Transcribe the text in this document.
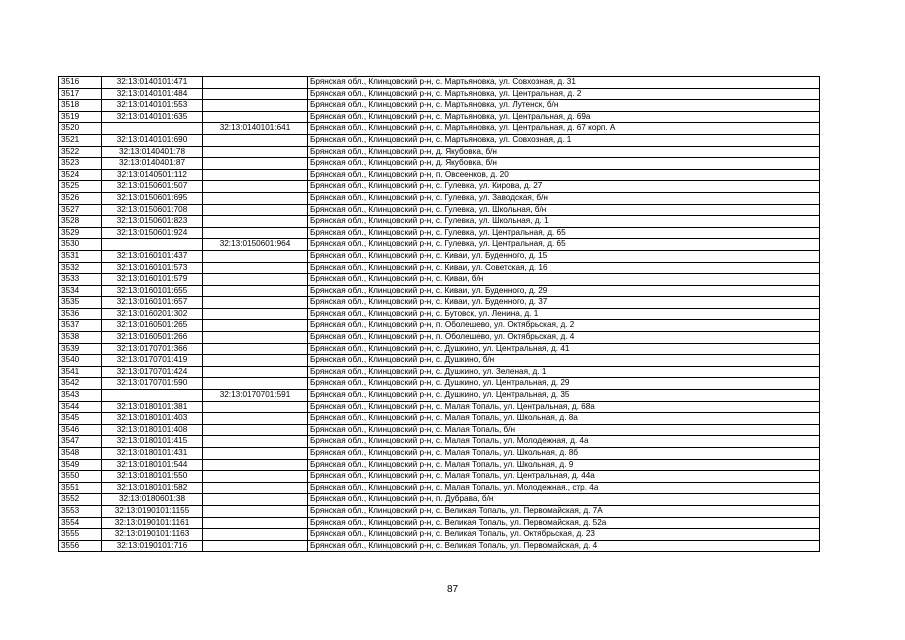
3516	32:13:0140101:471		Брянская обл., Клинцовский р-н, с. Мартьяновка, ул. Совхозная, д. 31
3517	32:13:0140101:484		Брянская обл., Клинцовский р-н, с. Мартьяновка, ул. Центральная, д. 2
3518	32:13:0140101:553		Брянская обл., Клинцовский р-н, с. Мартьяновка, ул. Лутенск, б/н
3519	32:13:0140101:635		Брянская обл., Клинцовский р-н, с. Мартьяновка, ул. Центральная, д. 69а
3520		32:13:0140101:641	Брянская обл., Клинцовский р-н, с. Мартьяновка, ул. Центральная, д. 67 корп. А
3521	32:13:0140101:690		Брянская обл., Клинцовский р-н, с. Мартьяновка, ул. Совхозная, д. 1
3522	32:13:0140401:78		Брянская обл., Клинцовский р-н, д. Якубовка, б/н
3523	32:13:0140401:87		Брянская обл., Клинцовский р-н, д. Якубовка, б/н
3524	32:13:0140501:112		Брянская обл., Клинцовский р-н, п. Овсеенков, д. 20
3525	32:13:0150601:507		Брянская обл., Клинцовский р-н, с. Гулевка, ул. Кирова, д. 27
3526	32:13:0150601:695		Брянская обл., Клинцовский р-н, с. Гулевка, ул. Заводская, б/н
3527	32:13:0150601:708		Брянская обл., Клинцовский р-н, с. Гулевка, ул. Школьная, б/н
3528	32:13:0150601:823		Брянская обл., Клинцовский р-н, с. Гулевка, ул. Школьная, д. 1
3529	32:13:0150601:924		Брянская обл., Клинцовский р-н, с. Гулевка, ул. Центральная, д. 65
3530		32:13:0150601:964	Брянская обл., Клинцовский р-н, с. Гулевка, ул. Центральная, д. 65
3531	32:13:0160101:437		Брянская обл., Клинцовский р-н, с. Киваи, ул. Буденного, д. 15
3532	32:13:0160101:573		Брянская обл., Клинцовский р-н, с. Киваи, ул. Советская, д. 16
3533	32:13:0160101:579		Брянская обл., Клинцовский р-н, с. Киваи, б/н
3534	32:13:0160101:655		Брянская обл., Клинцовский р-н, с. Киваи, ул. Буденного, д. 29
3535	32:13:0160101:657		Брянская обл., Клинцовский р-н, с. Киваи, ул. Буденного, д. 37
3536	32:13:0160201:302		Брянская обл., Клинцовский р-н, с. Бутовск, ул. Ленина, д. 1
3537	32:13:0160501:265		Брянская обл., Клинцовский р-н, п. Оболешево, ул. Октябрьская, д. 2
3538	32:13:0160501:266		Брянская обл., Клинцовский р-н, п. Оболешево, ул. Октябрьская, д. 4
3539	32:13:0170701:366		Брянская обл., Клинцовский р-н, с. Душкино, ул. Центральная, д. 41
3540	32:13:0170701:419		Брянская обл., Клинцовский р-н, с. Душкино, б/н
3541	32:13:0170701:424		Брянская обл., Клинцовский р-н, с. Душкино, ул. Зеленая, д. 1
3542	32:13:0170701:590		Брянская обл., Клинцовский р-н, с. Душкино, ул. Центральная, д. 29
3543		32:13:0170701:591	Брянская обл., Клинцовский р-н, с. Душкино, ул. Центральная, д. 35
3544	32:13:0180101:381		Брянская обл., Клинцовский р-н, с. Малая Топаль, ул. Центральная, д. 68а
3545	32:13:0180101:403		Брянская обл., Клинцовский р-н, с. Малая Топаль, ул. Школьная, д. 8а
3546	32:13:0180101:408		Брянская обл., Клинцовский р-н, с. Малая Топаль, б/н
3547	32:13:0180101:415		Брянская обл., Клинцовский р-н, с. Малая Топаль, ул. Молодежная, д. 4а
3548	32:13:0180101:431		Брянская обл., Клинцовский р-н, с. Малая Топаль, ул. Школьная, д. 8б
3549	32:13:0180101:544		Брянская обл., Клинцовский р-н, с. Малая Топаль, ул. Школьная, д. 9
3550	32:13:0180101:550		Брянская обл., Клинцовский р-н, с. Малая Топаль, ул. Центральная, д. 44а
3551	32:13:0180101:582		Брянская обл., Клинцовский р-н, с. Малая Топаль, ул. Молодежная., стр. 4а
3552	32:13:0180601:38		Брянская обл., Клинцовский р-н, п. Дубрава, б/н
3553	32:13:0190101:1155		Брянская обл., Клинцовский р-н, с. Великая Топаль, ул. Первомайская, д. 7А
3554	32:13:0190101:1161		Брянская обл., Клинцовский р-н, с. Великая Топаль, ул. Первомайская, д. 52а
3555	32:13:0190101:1163		Брянская обл., Клинцовский р-н, с. Великая Топаль, ул. Октябрьская, д. 23
3556	32:13:0190101:716		Брянская обл., Клинцовский р-н, с. Великая Топаль, ул. Первомайская, д. 4
87
